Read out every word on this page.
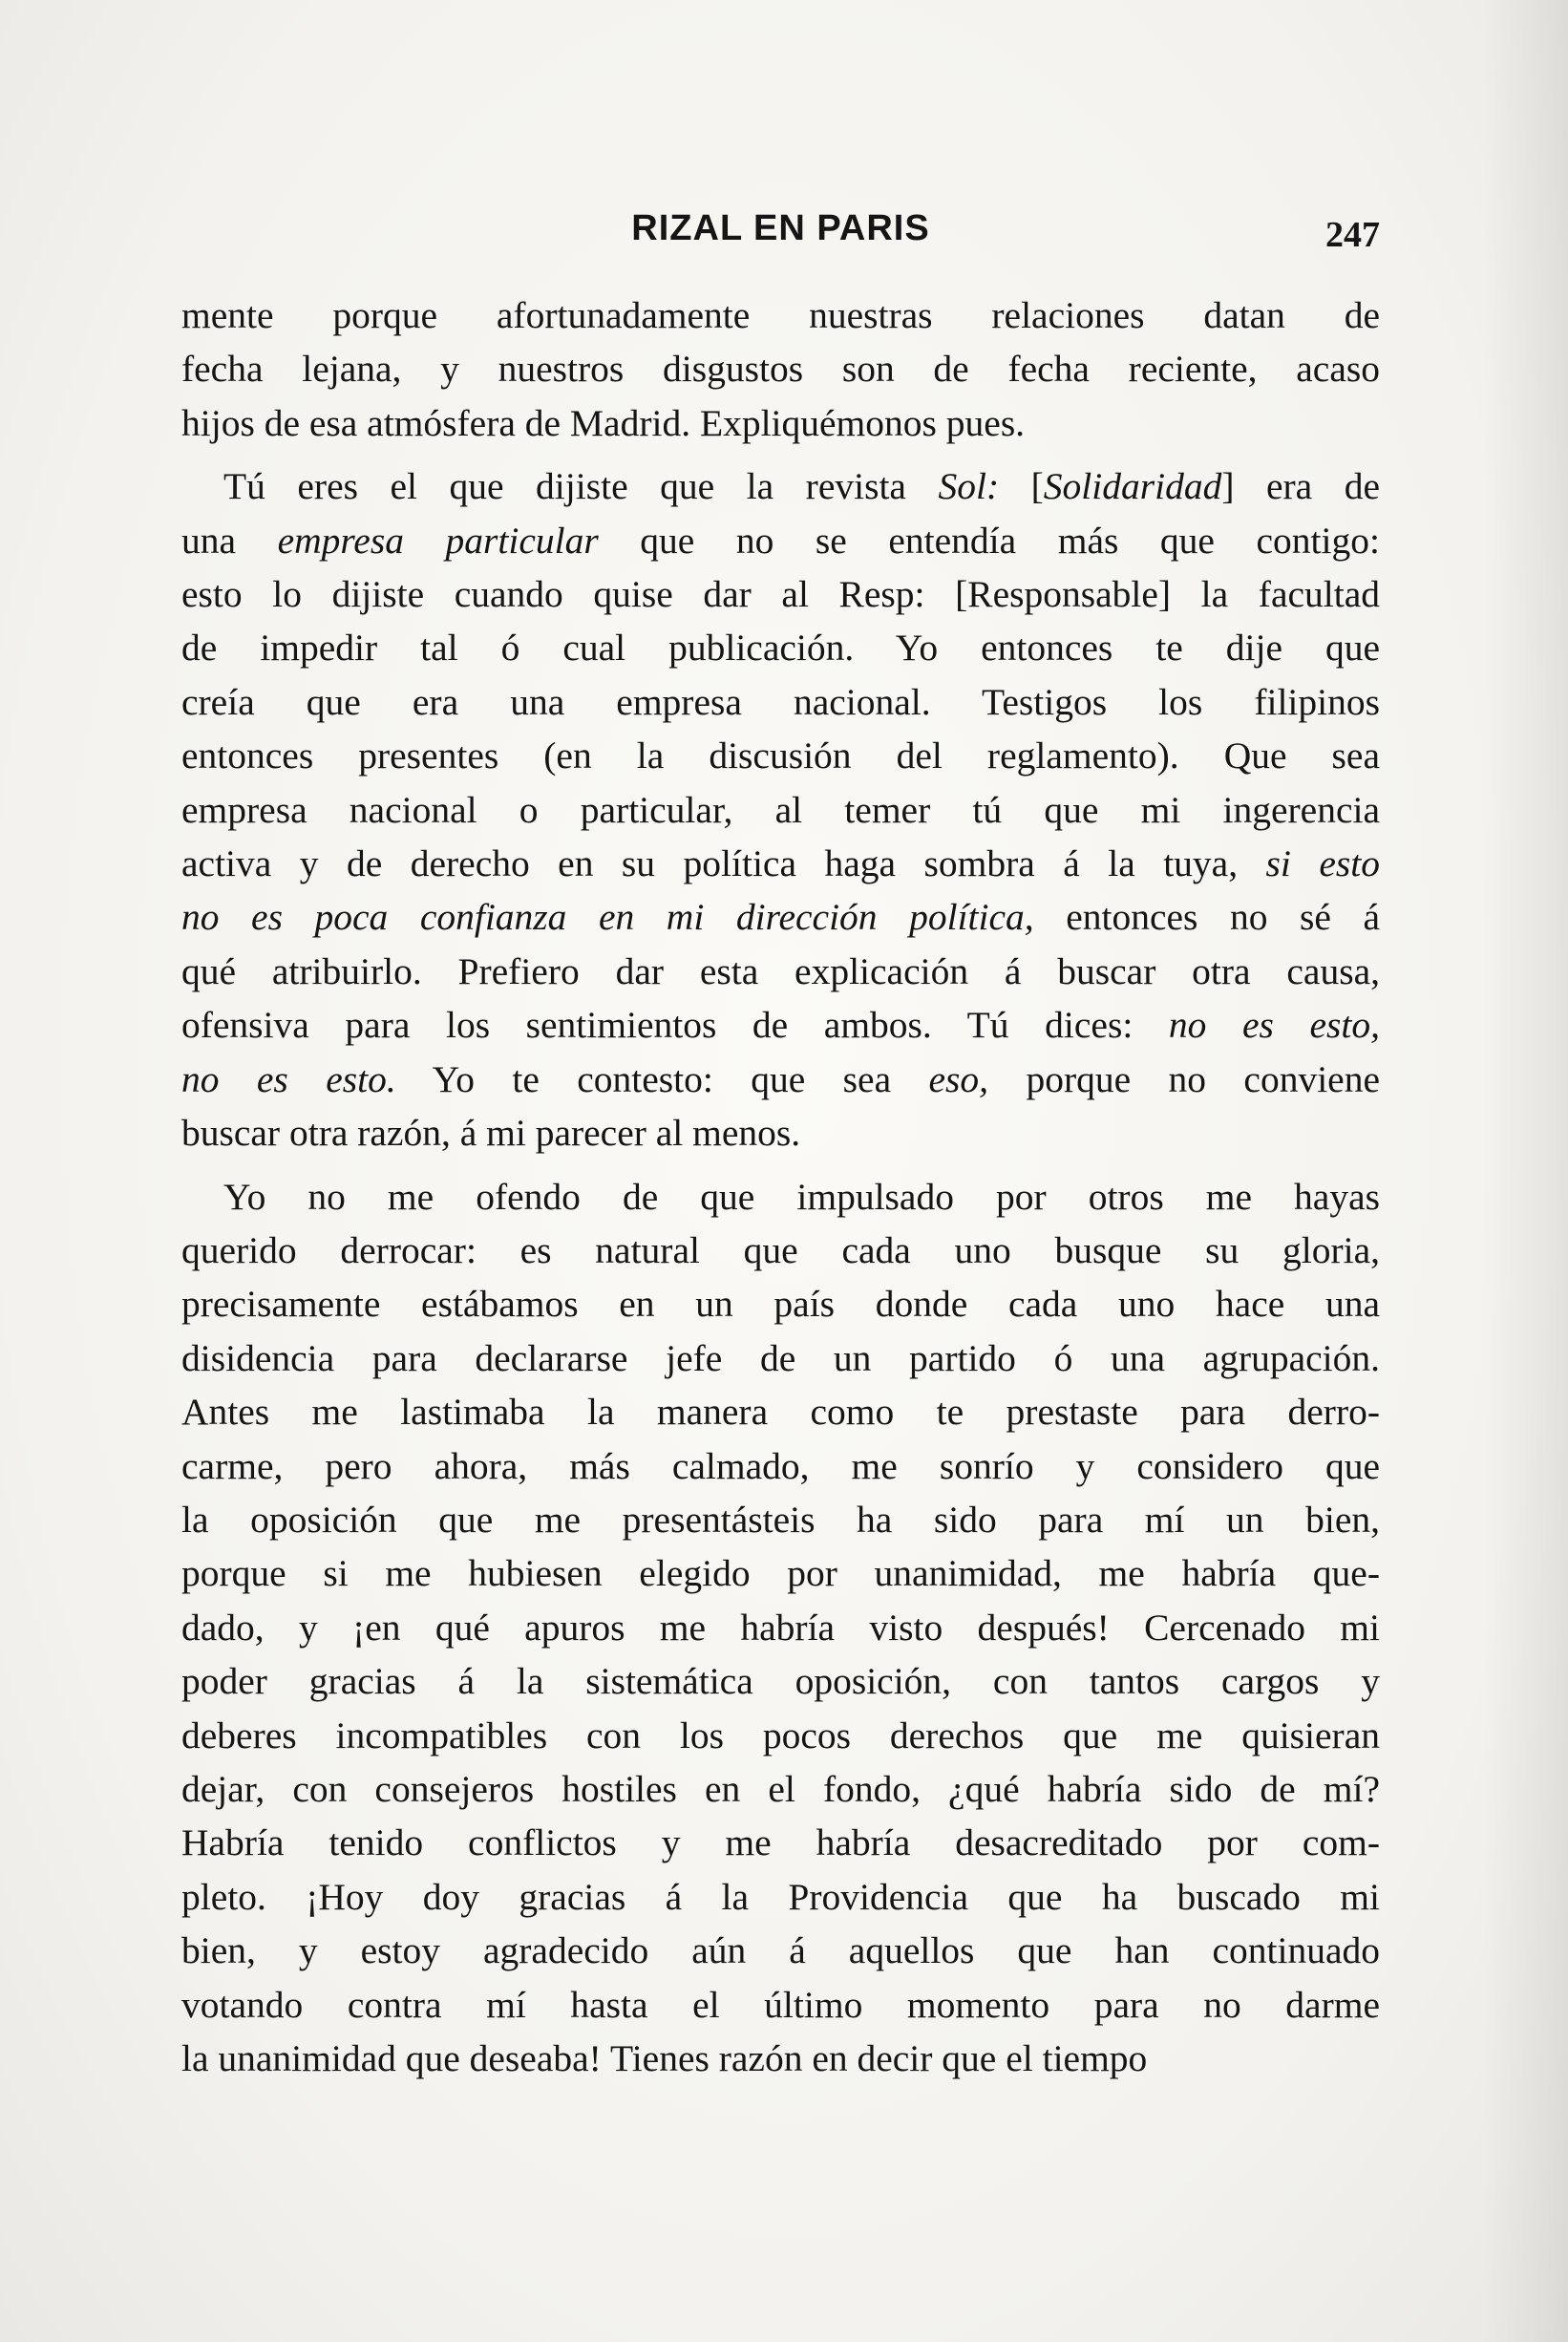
RIZAL EN PARIS	247
mente porque afortunadamente nuestras relaciones datan de
fecha lejana, y nuestros disgustos son de fecha reciente, acaso
hijos de esa atmósfera de Madrid. Expliquémonos pues.
Tú eres el que dijiste que la revista Sol: [Solidaridad] era de
una empresa particular que no se entendía más que contigo:
esto lo dijiste cuando quise dar al Resp: [Responsable] la facultad
de impedir tal ó cual publicación. Yo entonces te dije que
creía que era una empresa nacional. Testigos los filipinos
entonces presentes (en la discusión del reglamento). Que sea
empresa nacional o particular, al temer tú que mi ingerencia
activa y de derecho en su política haga sombra á la tuya, si esto
no es poca confianza en mi dirección política, entonces no sé á
qué atribuirlo. Prefiero dar esta explicación á buscar otra causa,
ofensiva para los sentimientos de ambos. Tú dices: no es esto,
no es esto. Yo te contesto: que sea eso, porque no conviene
buscar otra razón, á mi parecer al menos.
Yo no me ofendo de que impulsado por otros me hayas
querido derrocar: es natural que cada uno busque su gloria,
precisamente estábamos en un país donde cada uno hace una
disidencia para declararse jefe de un partido ó una agrupación.
Antes me lastimaba la manera como te prestaste para derro-
carme, pero ahora, más calmado, me sonrío y considero que
la oposición que me presentásteis ha sido para mí un bien,
porque si me hubiesen elegido por unanimidad, me habría que-
dado, y ¡en qué apuros me habría visto después! Cercenado mi
poder gracias á la sistemática oposición, con tantos cargos y
deberes incompatibles con los pocos derechos que me quisieran
dejar, con consejeros hostiles en el fondo, ¿qué habría sido de mí?
Habría tenido conflictos y me habría desacreditado por com-
pleto. ¡Hoy doy gracias á la Providencia que ha buscado mi
bien, y estoy agradecido aún á aquellos que han continuado
votando contra mí hasta el último momento para no darme
la unanimidad que deseaba! Tienes razón en decir que el tiempo
